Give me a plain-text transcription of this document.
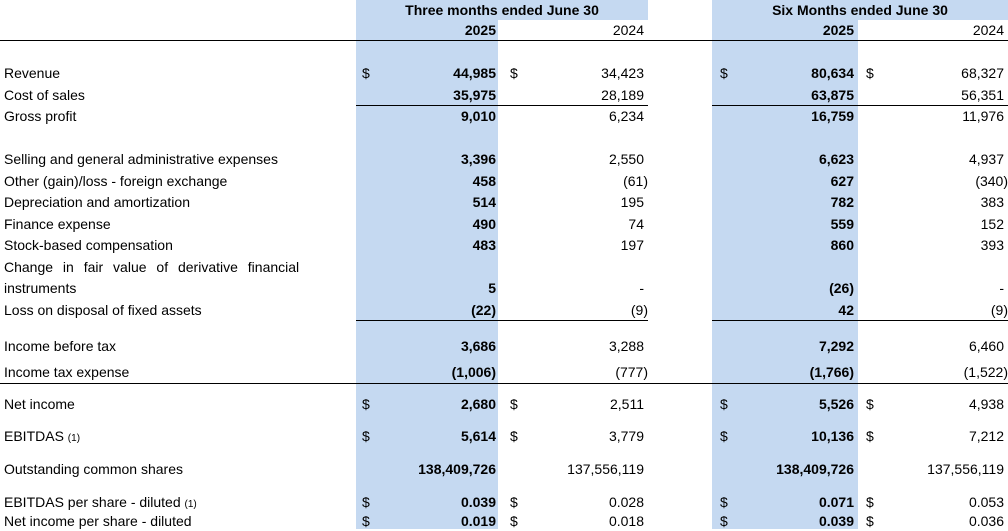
Three months ended June 30	Six Months ended June 30
2025	2024	2025	2024
Revenue	$	44,985 $	34,423	$	80,634 $	68,327
Cost of sales	35,975	28,189	63,875	56,351
Gross profit	9,010	6,234	16,759	11,976
Selling and general administrative expenses	3,396	2,550	6,623	4,937
Other (gain)/loss - foreign exchange	458	(61)	627	(340)
Depreciation and amortization	514	195	782	383
Finance expense	490	74	559	152
Stock-based compensation	483	197	860	393
Change in fair value of derivative financial
instruments	5	-	(26)	-
Loss on disposal of fixed assets	(22)	(9)	42	(9)
Income before tax	3,686	3,288	7,292	6,460
Income tax expense	(1,006)	(777)	(1,766)	(1,522)
Net income	$	2,680 $	2,511	$	5,526 $	4,938
EBITDAS (1)	$	5,614 $	3,779	$	10,136 $	7,212
Outstanding common shares	138,409,726	137,556,119	138,409,726	137,556,119
EBITDAS per share - diluted (1)	$	0.039 $	0.028	$	0.071 $	0.053
Net income per share - diluted	$	0.019 $	0.018	$	0.039 $	0.036
